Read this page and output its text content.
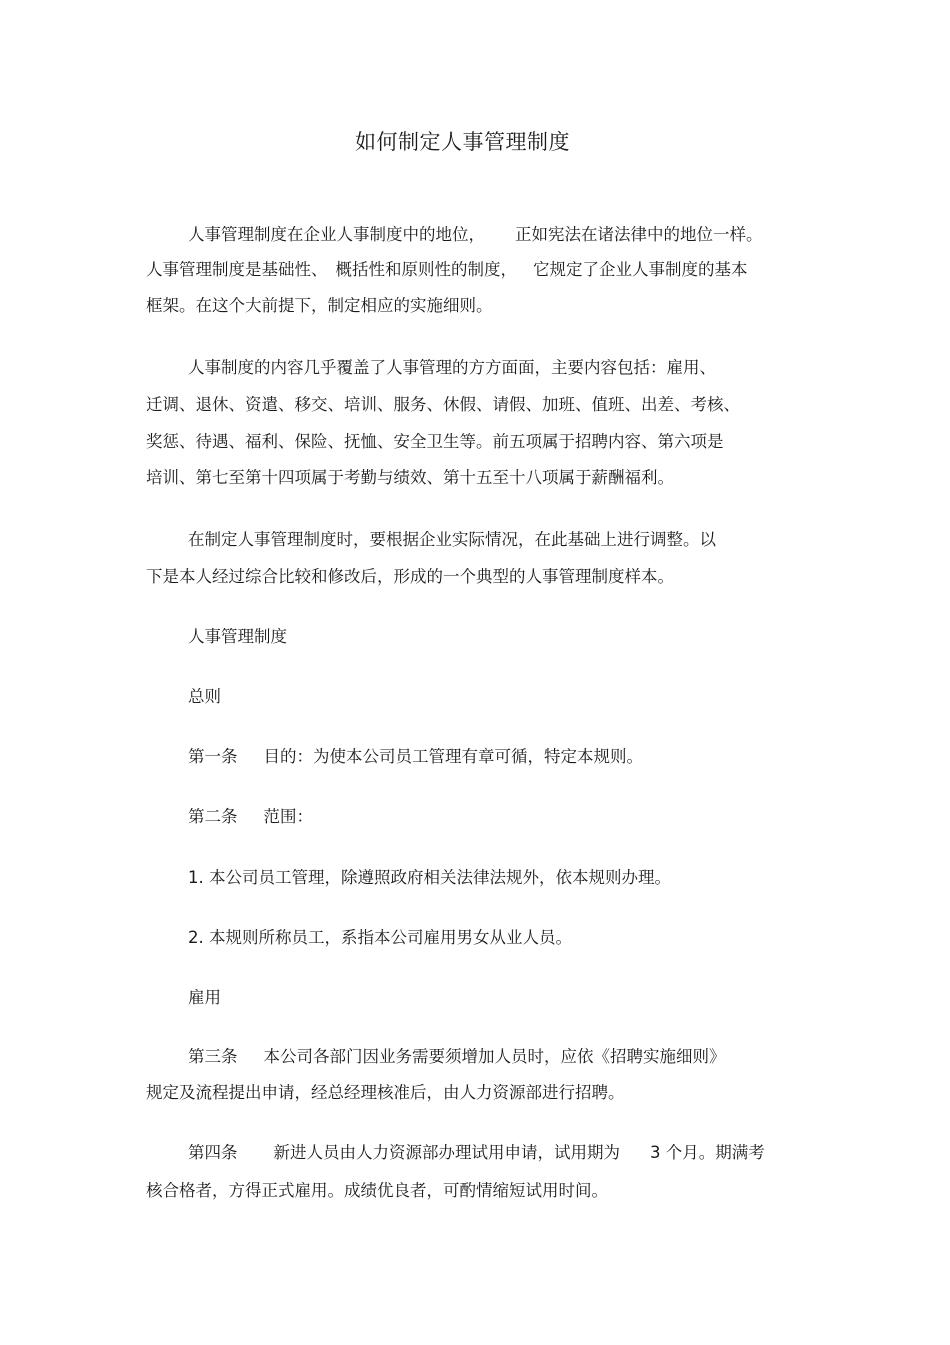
如何制定人事管理制度
人事管理制度在企业人事制度中的地位， 正如宪法在诸法律中的地位一样。
人事管理制度是基础性、 概括性和原则性的制度， 它规定了企业人事制度的基本
框架。在这个大前提下，制定相应的实施细则。
人事制度的内容几乎覆盖了人事管理的方方面面，主要内容包括：雇用、
迁调、退休、资遣、移交、培训、服务、休假、请假、加班、值班、出差、考核、
奖惩、待遇、福利、保险、抚恤、安全卫生等。前五项属于招聘内容、第六项是
培训、第七至第十四项属于考勤与绩效、第十五至十八项属于薪酬福利。
在制定人事管理制度时，要根据企业实际情况，在此基础上进行调整。以
下是本人经过综合比较和修改后，形成的一个典型的人事管理制度样本。
人事管理制度
总则
第一条 目的：为使本公司员工管理有章可循，特定本规则。
第二条 范围：
1. 本公司员工管理，除遵照政府相关法律法规外，依本规则办理。
2. 本规则所称员工，系指本公司雇用男女从业人员。
雇用
第三条 本公司各部门因业务需要须增加人员时，应依《招聘实施细则》
规定及流程提出申请，经总经理核准后，由人力资源部进行招聘。
第四条 新进人员由人力资源部办理试用申请，试用期为 3 个月。期满考
核合格者，方得正式雇用。成绩优良者，可酌情缩短试用时间。
